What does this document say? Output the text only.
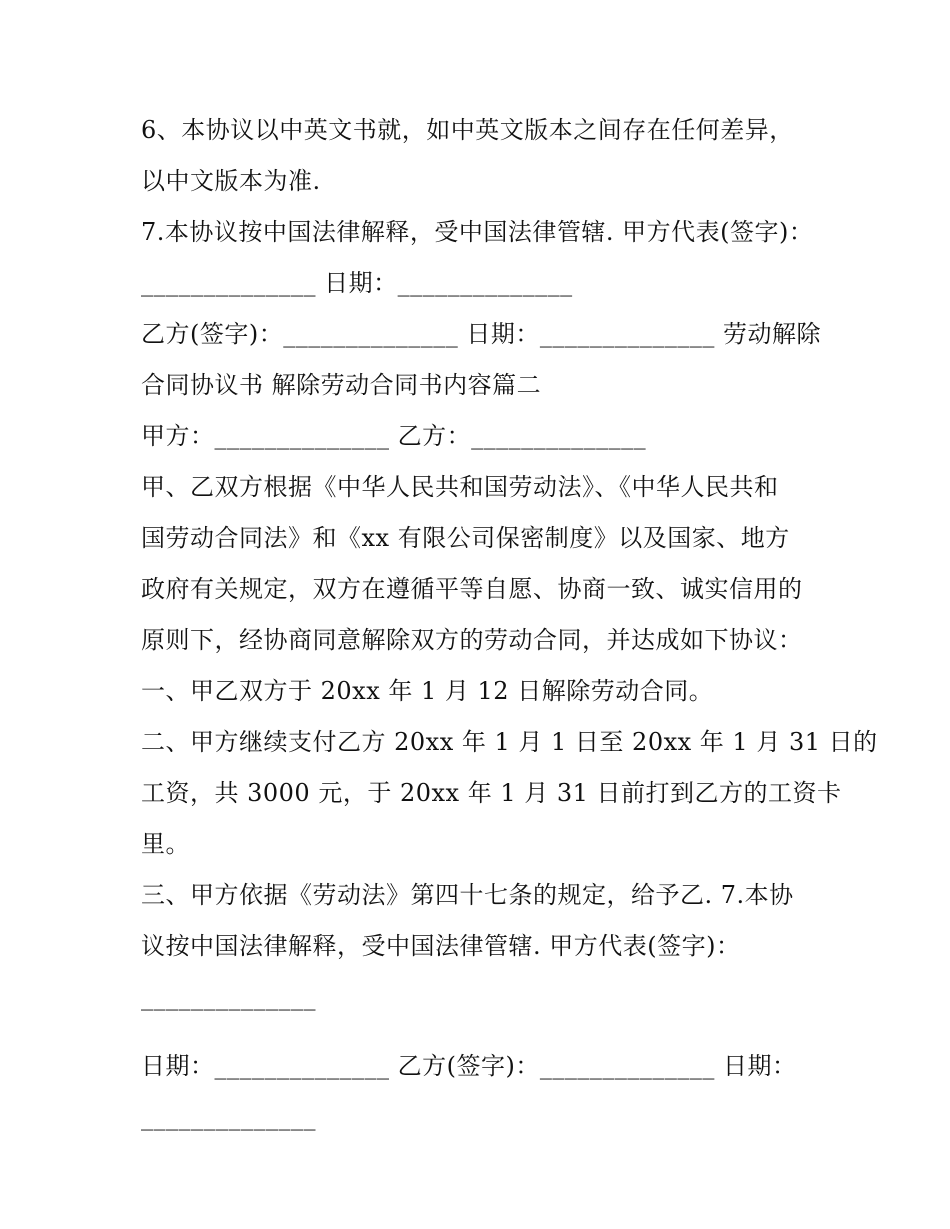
6、本协议以中英文书就，如中英文版本之间存在任何差异，
以中文版本为准.
7.本协议按中国法律解释，受中国法律管辖. 甲方代表(签字)：
______________ 日期：______________
乙方(签字)：______________ 日期：______________ 劳动解除
合同协议书 解除劳动合同书内容篇二
甲方：______________ 乙方：______________
甲、乙双方根据《中华人民共和国劳动法》、《中华人民共和
国劳动合同法》和《xx 有限公司保密制度》以及国家、地方
政府有关规定，双方在遵循平等自愿、协商一致、诚实信用的
原则下，经协商同意解除双方的劳动合同，并达成如下协议：
一、甲乙双方于 20xx 年 1 月 12 日解除劳动合同。
二、甲方继续支付乙方 20xx 年 1 月 1 日至 20xx 年 1 月 31 日的
工资，共 3000 元，于 20xx 年 1 月 31 日前打到乙方的工资卡
里。
三、甲方依据《劳动法》第四十七条的规定，给予乙. 7.本协
议按中国法律解释，受中国法律管辖. 甲方代表(签字)：
______________
日期：______________ 乙方(签字)：______________ 日期：
______________
